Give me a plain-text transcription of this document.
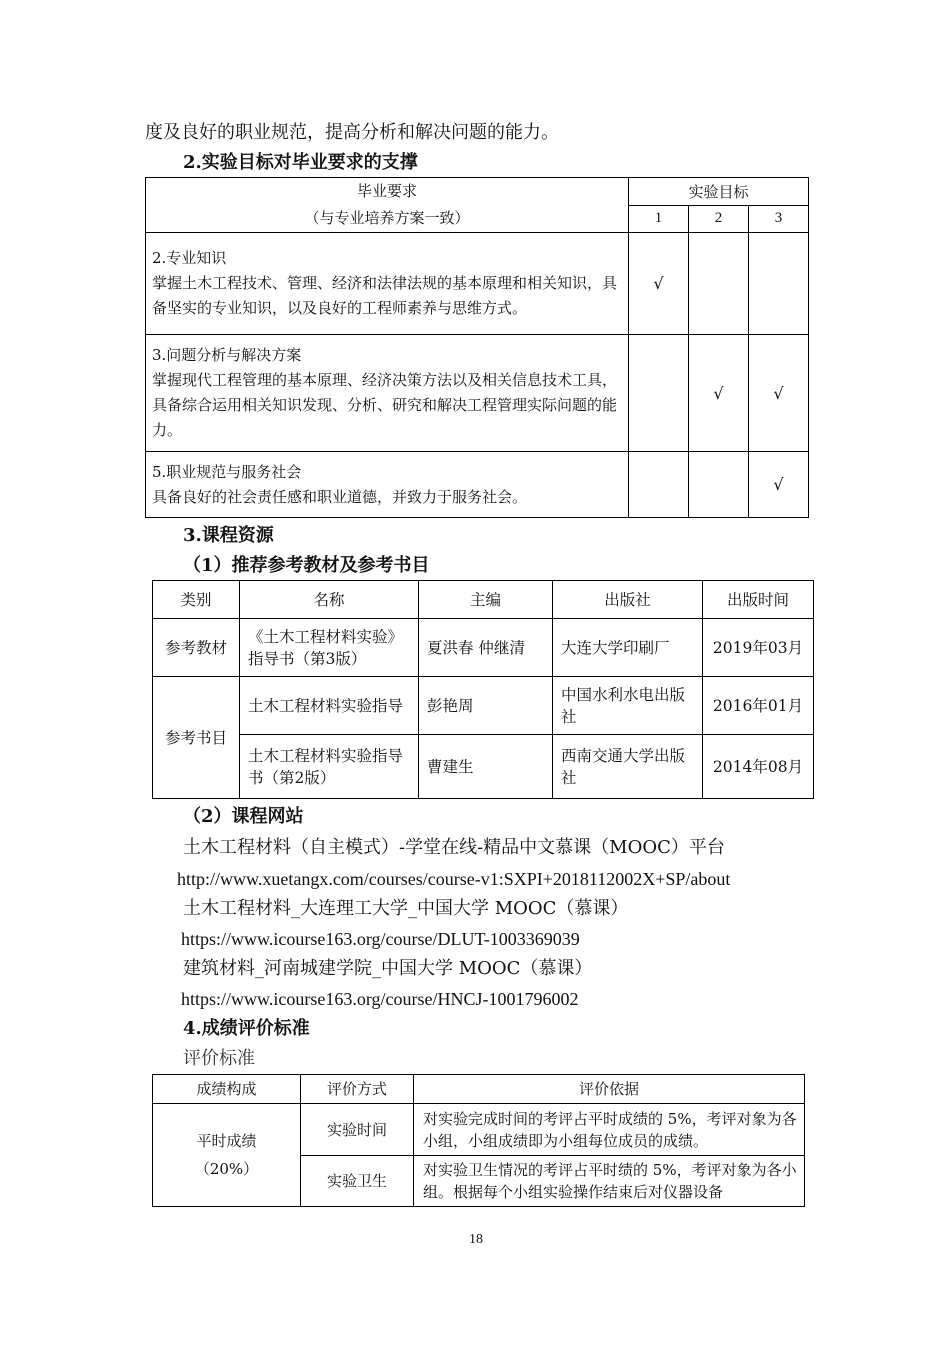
度及良好的职业规范，提高分析和解决问题的能力。
2.实验目标对毕业要求的支撑
毕业要求
（与专业培养方案一致）	实验目标		
	1	2	3

2.专业知识
掌握土木工程技术、管理、经济和法律法规的基本原理和相关知识，具备坚实的专业知识，以及良好的工程师素养与思维方式。	√		

3.问题分析与解决方案
掌握现代工程管理的基本原理、经济决策方法以及相关信息技术工具，具备综合运用相关知识发现、分析、研究和解决工程管理实际问题的能力。		√	√

5.职业规范与服务社会
具备良好的社会责任感和职业道德，并致力于服务社会。			√
3.课程资源
（1）推荐参考教材及参考书目
类别	名称	主编	出版社	出版时间
参考教材	《土木工程材料实验》指导书（第3版）	夏洪春 仲继清	大连大学印刷厂	2019年03月
参考书目	土木工程材料实验指导	彭艳周	中国水利水电出版社	2016年01月
	土木工程材料实验指导书（第2版）	曹建生	西南交通大学出版社	2014年08月
（2）课程网站
土木工程材料（自主模式）-学堂在线-精品中文慕课（MOOC）平台
http://www.xuetangx.com/courses/course-v1:SXPI+2018112002X+SP/about
土木工程材料_大连理工大学_中国大学 MOOC（慕课）
https://www.icourse163.org/course/DLUT-1003369039
建筑材料_河南城建学院_中国大学 MOOC（慕课）
https://www.icourse163.org/course/HNCJ-1001796002
4.成绩评价标准
评价标准
成绩构成	评价方式	评价依据

平时成绩
（20%）	实验时间	对实验完成时间的考评占平时成绩的 5%，考评对象为各小组，小组成绩即为小组每位成员的成绩。
	实验卫生	对实验卫生情况的考评占平时绩的 5%，考评对象为各小组。根据每个小组实验操作结束后对仪器设备
18
